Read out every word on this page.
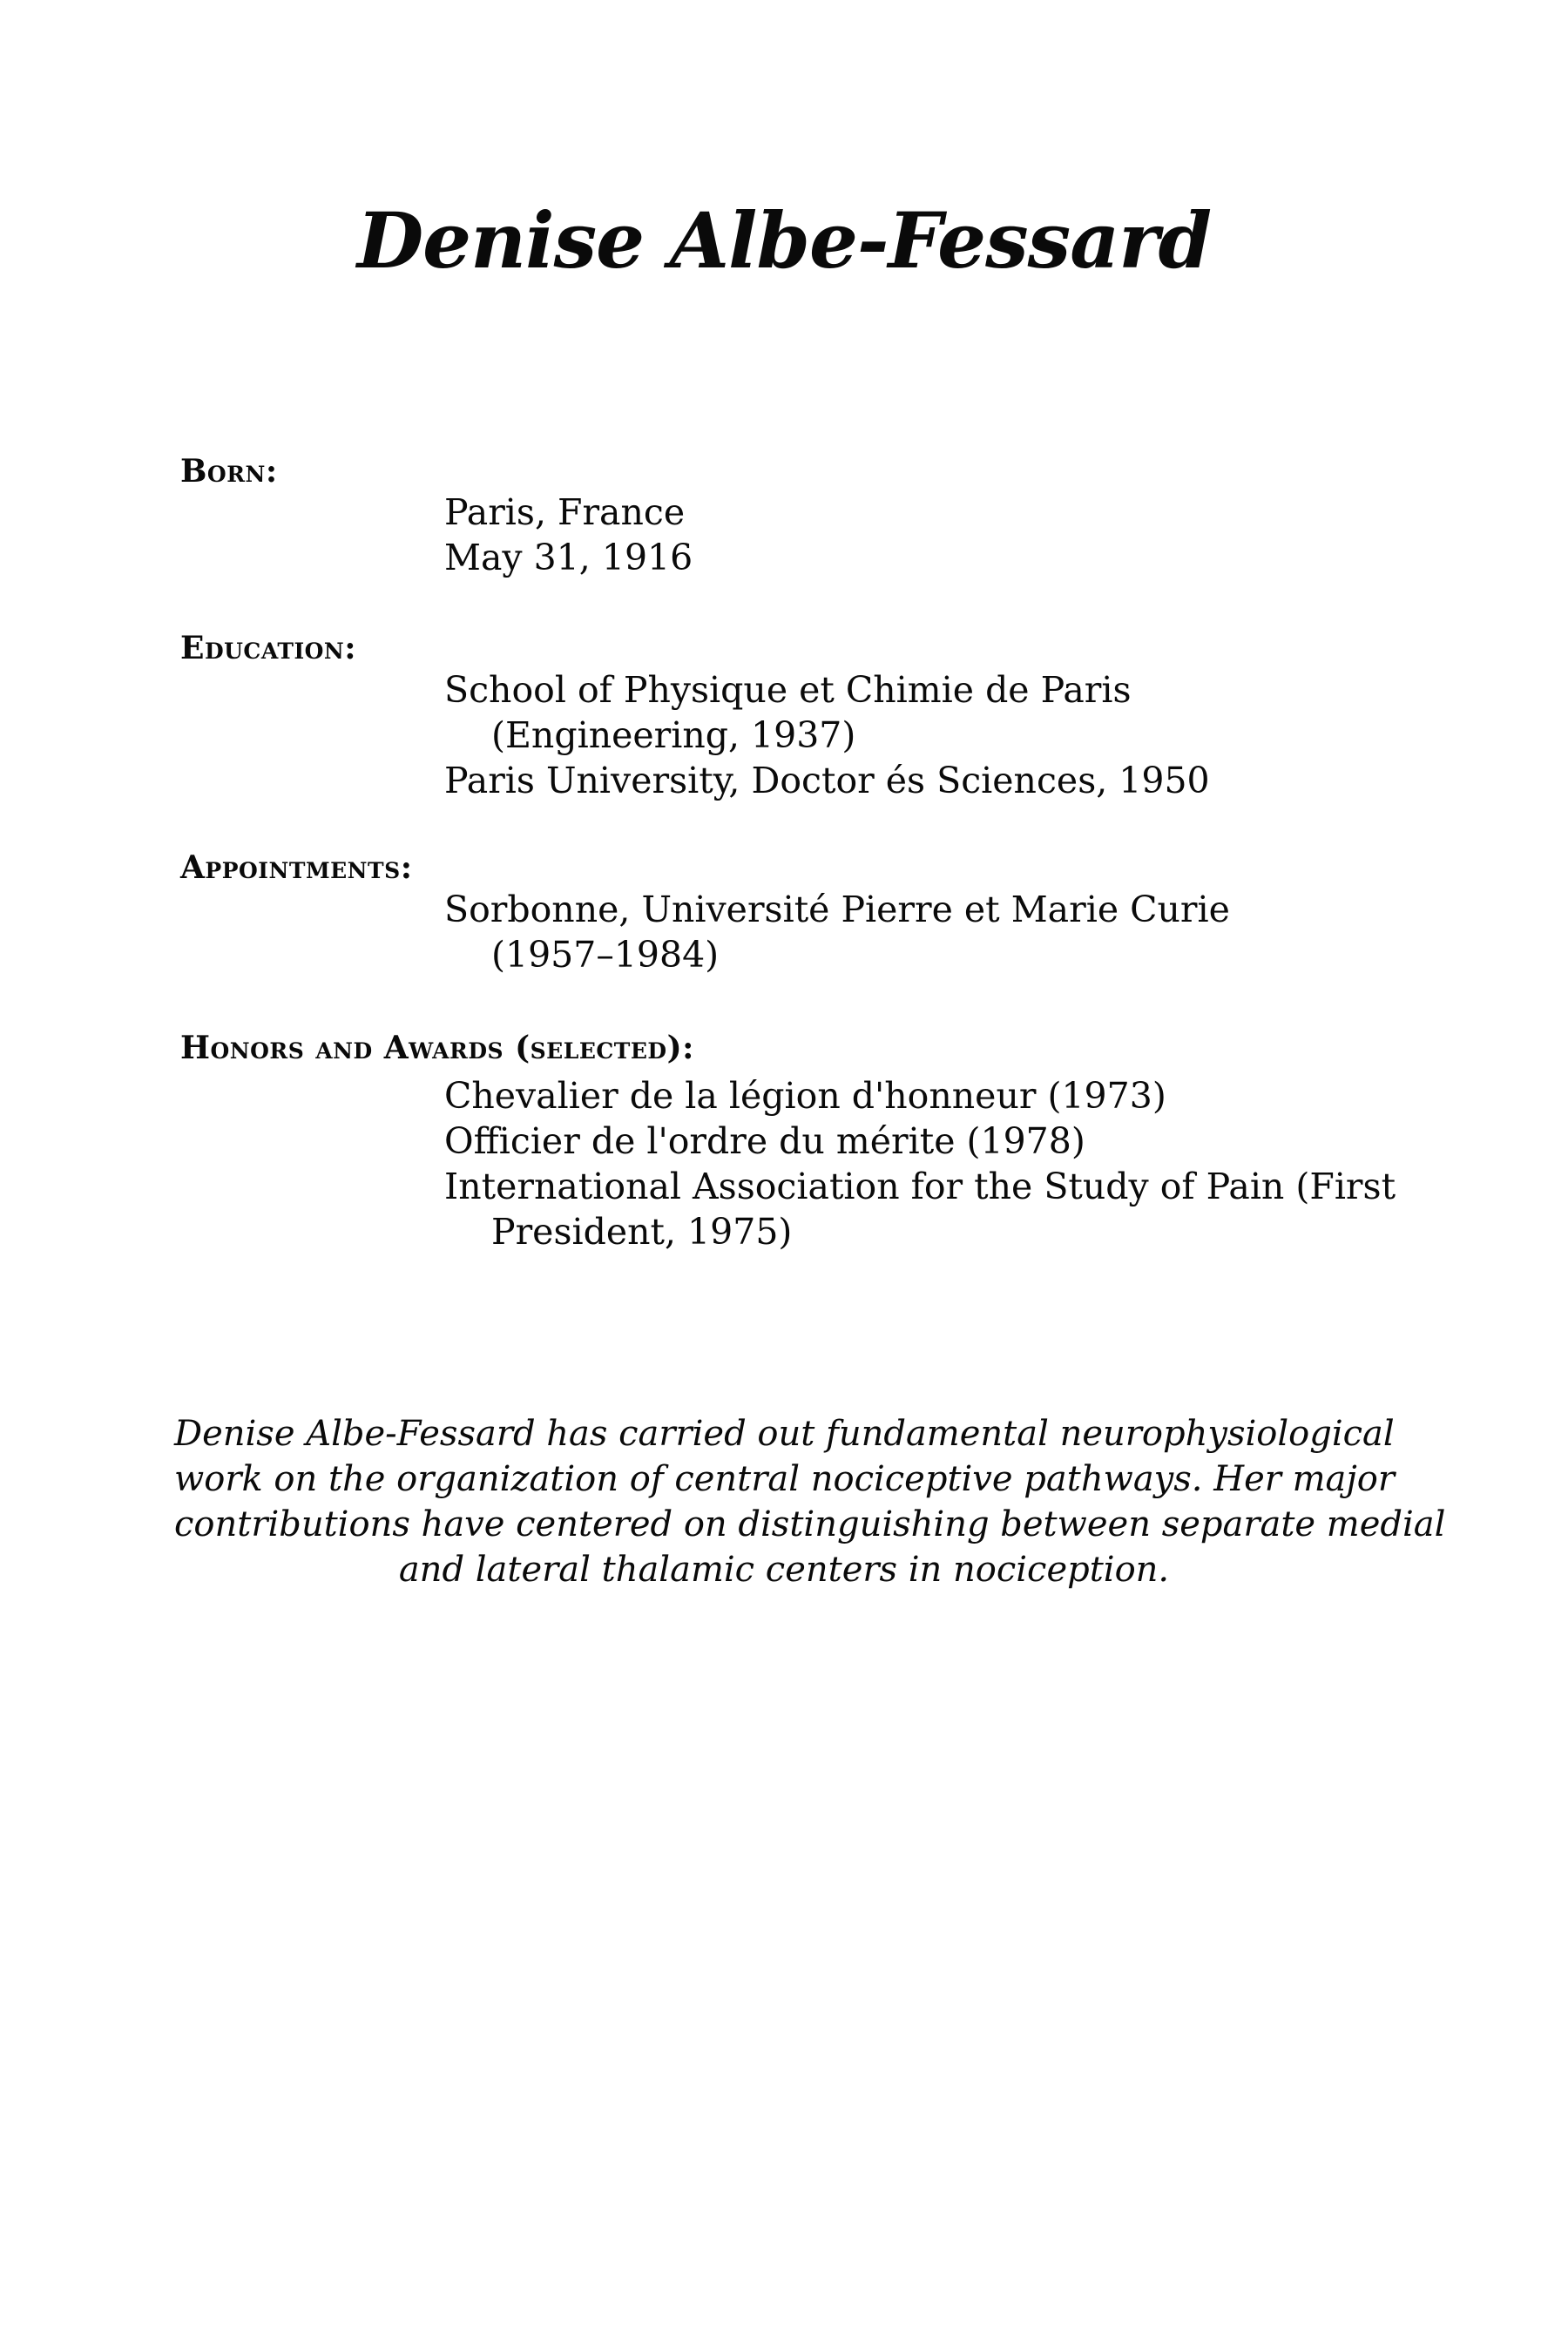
Denise Albe-Fessard
Born:
Paris, France
May 31, 1916
Education:
School of Physique et Chimie de Paris
(Engineering, 1937)
Paris University, Doctor és Sciences, 1950
Appointments:
Sorbonne, Université Pierre et Marie Curie
(1957–1984)
Honors and Awards (selected):
Chevalier de la légion d'honneur (1973)
Officier de l'ordre du mérite (1978)
International Association for the Study of Pain (First
President, 1975)

Denise Albe-Fessard has carried out fundamental neurophysiological
work on the organization of central nociceptive pathways. Her major
contributions have centered on distinguishing between separate medial
and lateral thalamic centers in nociception.
